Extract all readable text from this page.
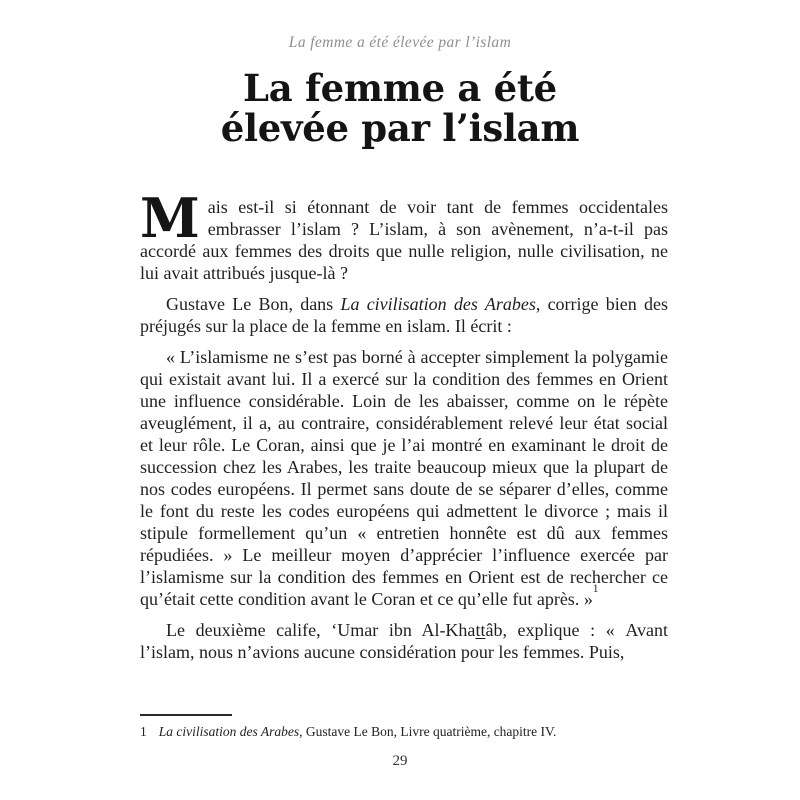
La femme a été élevée par l’islam
La femme a été
élevée par l’islam

Mais est-il si étonnant de voir tant de femmes occidentales embrasser l’islam ? L’islam, à son avènement, n’a-t-il pas accordé aux femmes des droits que nulle religion, nulle civilisation, ne lui avait attribués jusque-là ?

Gustave Le Bon, dans La civilisation des Arabes, corrige bien des préjugés sur la place de la femme en islam. Il écrit :

« L’islamisme ne s’est pas borné à accepter simplement la polygamie qui existait avant lui. Il a exercé sur la condition des femmes en Orient une influence considérable. Loin de les abaisser, comme on le répète aveuglément, il a, au contraire, considérablement relevé leur état social et leur rôle. Le Coran, ainsi que je l’ai montré en examinant le droit de succession chez les Arabes, les traite beaucoup mieux que la plupart de nos codes européens. Il permet sans doute de se séparer d’elles, comme le font du reste les codes européens qui admettent le divorce ; mais il stipule formellement qu’un « entretien honnête est dû aux femmes répudiées. » Le meilleur moyen d’apprécier l’influence exercée par l’islamisme sur la condition des femmes en Orient est de rechercher ce qu’était cette condition avant le Coran et ce qu’elle fut après. »$^1$

Le deuxième calife, ‘Umar ibn Al-Khattâb, explique : « Avant l’islam, nous n’avions aucune considération pour les femmes. Puis,

1 La civilisation des Arabes, Gustave Le Bon, Livre quatrième, chapitre IV.
29
